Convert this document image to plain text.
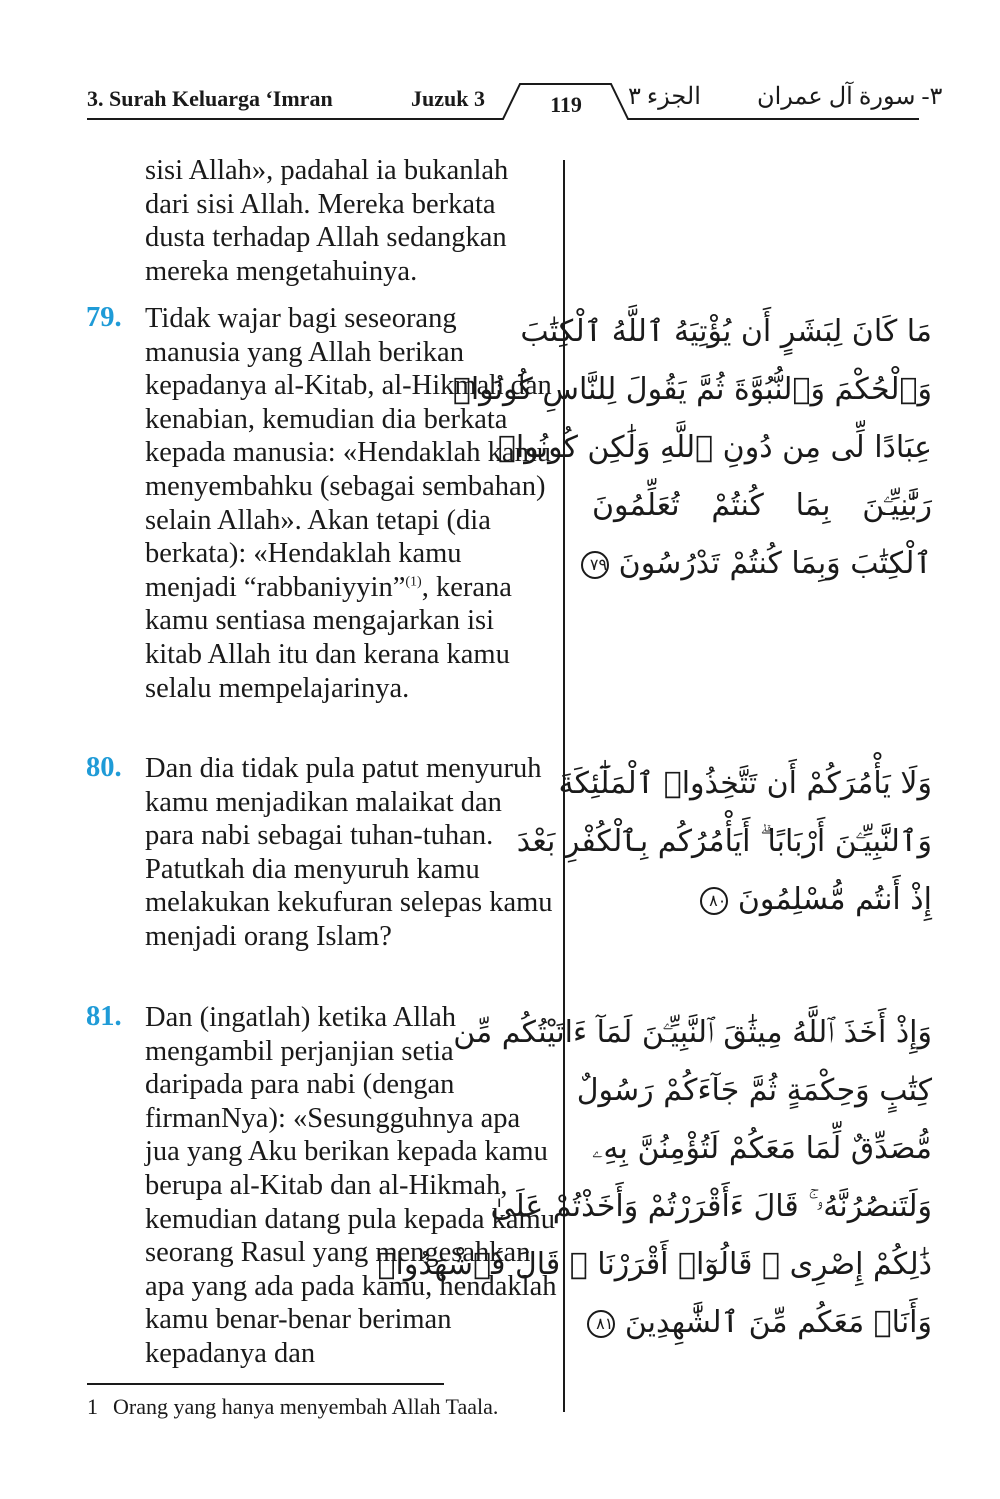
3. Surah Keluarga ‘Imran	Juzuk 3	119	الجزء ٣ ٣- سورة آل عمران
sisi Allah», padahal ia bukanlah dari sisi Allah. Mereka berkata dusta terhadap Allah sedangkan mereka mengetahuinya.
79. Tidak wajar bagi seseorang manusia yang Allah berikan kepadanya al-Kitab, al-Hikmah dan kenabian, kemudian dia berkata kepada manusia: «Hendaklah kamu menyembahku (sebagai sembahan) selain Allah». Akan tetapi (dia berkata): «Hendaklah kamu menjadi “rabbaniyyin”$^{(1)}$, kerana kamu sentiasa mengajarkan isi kitab Allah itu dan kerana kamu selalu mempelajarinya.
80. Dan dia tidak pula patut menyuruh kamu menjadikan malaikat dan para nabi sebagai tuhan-tuhan. Patutkah dia menyuruh kamu melakukan kekufuran selepas kamu menjadi orang Islam?
81. Dan (ingatlah) ketika Allah mengambil perjanjian setia daripada para nabi (dengan firmanNya): «Sesungguhnya apa jua yang Aku berikan kepada kamu berupa al-Kitab dan al-Hikmah, kemudian datang pula kepada kamu seorang Rasul yang mengesahkan apa yang ada pada kamu, hendaklah kamu benar-benar beriman kepadanya dan
مَا كَانَ لِبَشَرٍ أَن يُؤْتِيَهُ ٱللَّهُ ٱلْكِتَٰبَ
وَٱلْحُكْمَ وَٱلنُّبُوَّةَ ثُمَّ يَقُولَ لِلنَّاسِ كُونُوا۟
عِبَادًا لِّى مِن دُونِ ٱللَّهِ وَلَٰكِن كُونُوا۟
رَبَّٰنِيِّـۧنَ بِمَا كُنتُمْ تُعَلِّمُونَ
ٱلْكِتَٰبَ وَبِمَا كُنتُمْ تَدْرُسُونَ ٧٩
وَلَا يَأْمُرَكُمْ أَن تَتَّخِذُوا۟ ٱلْمَلَٰٓئِكَةَ
وَٱلنَّبِيِّـۧنَ أَرْبَابًا ۗ أَيَأْمُرُكُم بِٱلْكُفْرِ بَعْدَ
إِذْ أَنتُم مُّسْلِمُونَ ٨٠
وَإِذْ أَخَذَ ٱللَّهُ مِيثَٰقَ ٱلنَّبِيِّـۧنَ لَمَآ ءَاتَيْتُكُم مِّن
كِتَٰبٍ وَحِكْمَةٍ ثُمَّ جَآءَكُمْ رَسُولٌ
مُّصَدِّقٌ لِّمَا مَعَكُمْ لَتُؤْمِنُنَّ بِهِۦ
وَلَتَنصُرُنَّهُۥ ۚ قَالَ ءَأَقْرَرْتُمْ وَأَخَذْتُمْ عَلَىٰ
ذَٰلِكُمْ إِصْرِى ۖ قَالُوٓا۟ أَقْرَرْنَا ۚ قَالَ فَٱشْهَدُوا۟
وَأَنَا۠ مَعَكُم مِّنَ ٱلشَّٰهِدِينَ ٨١
1 Orang yang hanya menyembah Allah Taala.
